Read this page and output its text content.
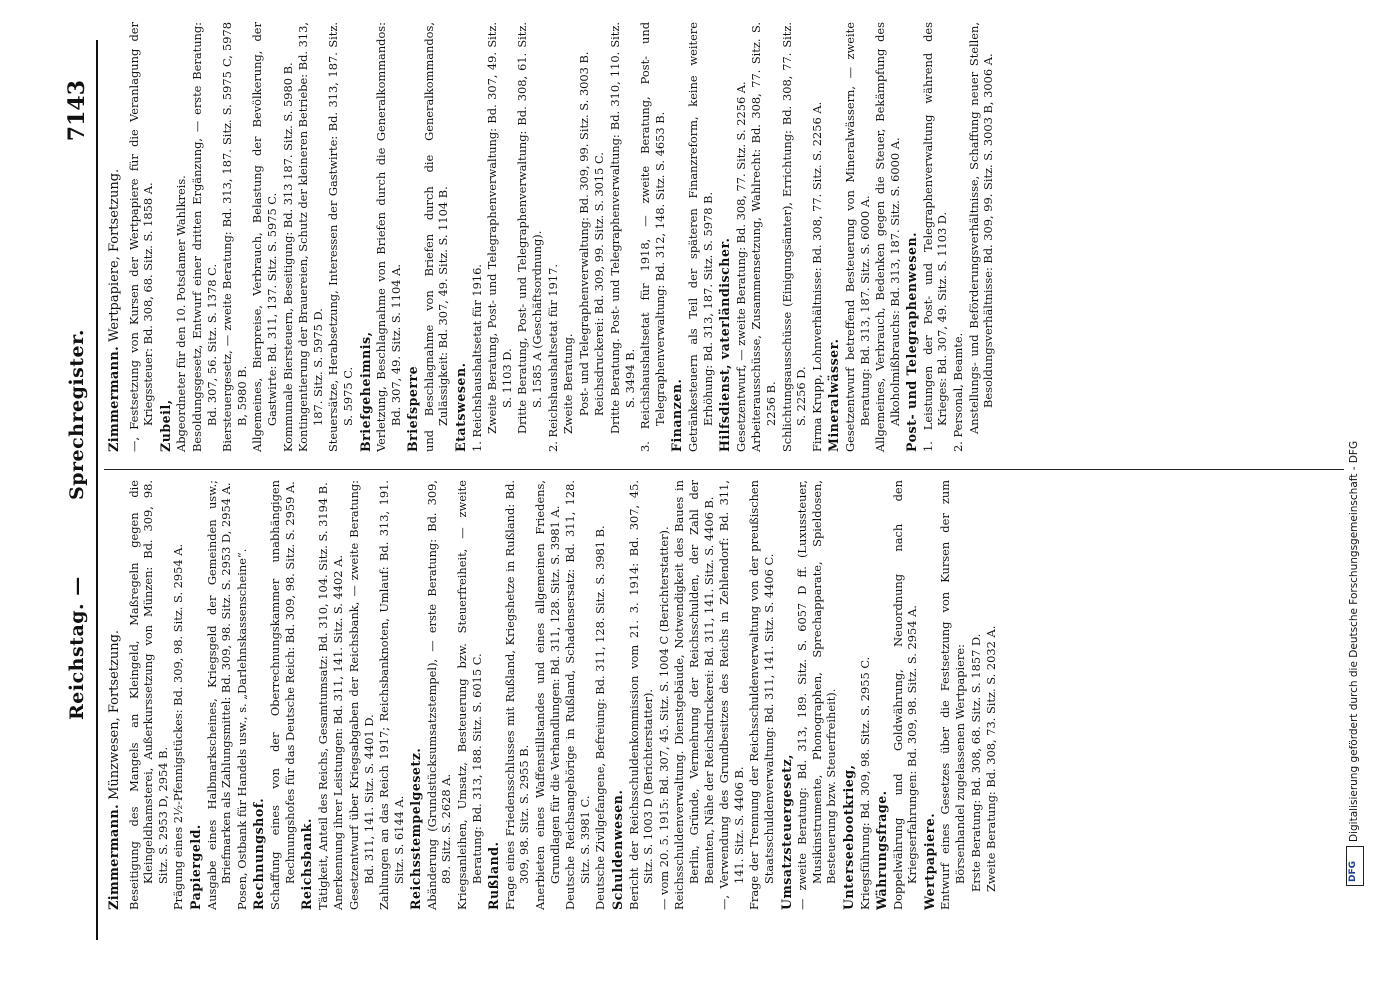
Reichstag. —
Sprechregister.
7143
Zimmermann. Münzwesen, Fortsetzung. Beseitigung des Mangels an Kleingeld, Maßregeln gegen die Kleingeldhamsterei, Außerkurssetzung von Münzen: Bd. 309, 98. Sitz. S. 2953 D, 2954 B. Prägung eines 2½-Pfennigstückes: Bd. 309, 98. Sitz. S. 2954 A. Papiergeld. Ausgabe eines Halbmarkscheines, Kriegsgeld der Gemeinden usw.; Briefmarken als Zahlungsmittel: Bd. 309, 98. Sitz. S. 2953 D, 2954 A. Posen, Ostbank für Handels usw., s. „Darlehnskassenscheine“. Rechnungshof. Schaffung eines von der Oberrechnungskammer unabhängigen Rechnungshofes für das Deutsche Reich: Bd. 309, 98. Sitz. S. 2959 A. Reichsbank. Tätigkeit, Anteil des Reichs, Gesamtumsatz: Bd. 310, 104. Sitz. S. 3194 B. Anerkennung ihrer Leistungen: Bd. 311, 141. Sitz. S. 4402 A. Gesetzentwurf über Kriegsabgaben der Reichsbank, — zweite Beratung: Bd. 311, 141. Sitz. S. 4401 D. Zahlungen an das Reich 1917; Reichsbanknoten, Umlauf: Bd. 313, 191. Sitz. S. 6144 A. Reichsstempelgesetz. Abänderung (Grundstücksumsatzstempel), — erste Beratung: Bd. 309, 89. Sitz. S. 2628 A. Kriegsanleihen, Umsatz, Besteuerung bzw. Steuerfreiheit, — zweite Beratung: Bd. 313, 188. Sitz. S. 6015 C. Rußland. Frage eines Friedensschlusses mit Rußland, Kriegshetze in Rußland: Bd. 309, 98. Sitz. S. 2955 B. Anerbieten eines Waffenstillstandes und eines allgemeinen Friedens, Grundlagen für die Verhandlungen: Bd. 311, 128. Sitz. S. 3981 A. Deutsche Reichsangehörige in Rußland, Schadensersatz: Bd. 311, 128. Sitz. S. 3981 C. Deutsche Zivilgefangene, Befreiung: Bd. 311, 128. Sitz. S. 3981 B. Schuldenwesen. Bericht der Reichsschuldenkommission vom 21. 3. 1914: Bd. 307, 45. Sitz. S. 1003 D (Berichterstatter). — vom 20. 5. 1915: Bd. 307, 45. Sitz. S. 1004 C (Berichterstatter). Reichsschuldenverwaltung. Dienstgebäude, Notwendigkeit des Baues in Berlin, Gründe, Vermehrung der Reichsschulden, der Zahl der Beamten, Nähe der Reichsdruckerei: Bd. 311, 141. Sitz. S. 4406 B. —, Verwendung des Grundbesitzes des Reichs in Zehlendorf: Bd. 311, 141. Sitz. S. 4406 B. Frage der Trennung der Reichsschuldenverwaltung von der preußischen Staatsschuldenverwaltung: Bd. 311, 141. Sitz. S. 4406 C. Umsatzsteuergesetz, — zweite Beratung: Bd. 313, 189. Sitz. S. 6057 D ff. (Luxussteuer, Musikinstrumente, Phonographen, Sprechapparate, Spieldosen, Besteuerung bzw. Steuerfreiheit). Unterseebootkrieg, Kriegsführung: Bd. 309, 98. Sitz. S. 2955 C. Währungsfrage. Doppelwährung und Goldwährung, Neuordnung nach den Kriegserfahrungen: Bd. 309, 98. Sitz. S. 2954 A. Wertpapiere. Entwurf eines Gesetzes über die Festsetzung von Kursen der zum Börsenhandel zugelassenen Wertpapiere: Erste Beratung: Bd. 308, 68. Sitz. S. 1857 D. Zweite Beratung: Bd. 308, 73. Sitz. S. 2032 A.
Zimmermann. Wertpapiere, Fortsetzung. —, Festsetzung von Kursen der Wertpapiere für die Veranlagung der Kriegssteuer: Bd. 308, 68. Sitz. S. 1858 A. Zubeil, Abgeordneter für den 10. Potsdamer Wahlkreis. Besoldungsgesetz, Entwurf einer dritten Ergänzung, — erste Beratung: Bd. 307, 56. Sitz. S. 1378 C. Biersteuergesetz, — zweite Beratung: Bd. 313, 187. Sitz. S. 5975 C, 5978 B, 5980 B. Allgemeines, Bierpreise, Verbrauch, Belastung der Bevölkerung, der Gastwirte: Bd. 311, 137. Sitz. S. 5975 C. Kommunale Biersteuern, Beseitigung: Bd. 313 187. Sitz. S. 5980 B. Kontingentierung der Brauereien, Schutz der kleineren Betriebe: Bd. 313, 187. Sitz. S. 5975 D. Steuersätze, Herabsetzung, Interessen der Gastwirte: Bd. 313, 187. Sitz. S. 5975 C. Briefgeheimnis, Verletzung, Beschlagnahme von Briefen durch die Generalkommandos: Bd. 307, 49. Sitz. S. 1104 A. Briefsperre und Beschlagnahme von Briefen durch die Generalkommandos, Zulässigkeit: Bd. 307, 49. Sitz. S. 1104 B. Etatswesen. 1. Reichshaushaltsetat für 1916. Zweite Beratung, Post- und Telegraphenverwaltung: Bd. 307, 49. Sitz. S. 1103 D. Dritte Beratung, Post- und Telegraphenverwaltung: Bd. 308, 61. Sitz. S. 1585 A (Geschäftsordnung). 2. Reichshaushaltsetat für 1917. Zweite Beratung. Post- und Telegraphenverwaltung: Bd. 309, 99. Sitz. S. 3003 B. Reichsdruckerei: Bd. 309, 99. Sitz. S. 3015 C. Dritte Beratung. Post- und Telegraphenverwaltung: Bd. 310, 110. Sitz. S. 3494 B. 3. Reichshaushaltsetat für 1918, — zweite Beratung, Post- und Telegraphenverwaltung: Bd. 312, 148. Sitz. S. 4653 B. Finanzen. Getränkesteuern als Teil der späteren Finanzreform, keine weitere Erhöhung: Bd. 313, 187. Sitz. S. 5978 B. Hilfsdienst, vaterländischer. Gesetzentwurf, — zweite Beratung: Bd. 308, 77. Sitz. S. 2256 A. Arbeiterausschüsse, Zusammensetzung, Wahlrecht: Bd. 308, 77. Sitz. S. 2256 B. Schlichtungsausschüsse (Einigungsämter), Errichtung: Bd. 308, 77. Sitz. S. 2256 D. Firma Krupp, Lohnverhältnisse: Bd. 308, 77. Sitz. S. 2256 A. Mineralwässer. Gesetzentwurf betreffend Besteuerung von Mineralwässern, — zweite Beratung: Bd. 313, 187. Sitz. S. 6000 A. Allgemeines, Verbrauch, Bedenken gegen die Steuer, Bekämpfung des Alkoholmißbrauchs: Bd. 313, 187. Sitz. S. 6000 A. Post- und Telegraphenwesen. 1. Leistungen der Post- und Telegraphenverwaltung während des Krieges: Bd. 307, 49. Sitz. S. 1103 D. 2. Personal, Beamte. Anstellungs- und Beförderungsverhältnisse, Schaffung neuer Stellen, Besoldungsverhältnisse: Bd. 309, 99. Sitz. S. 3003 B, 3006 A.
Digitalisierung gefördert durch die Deutsche Forschungsgemeinschaft - DFG
DFG
